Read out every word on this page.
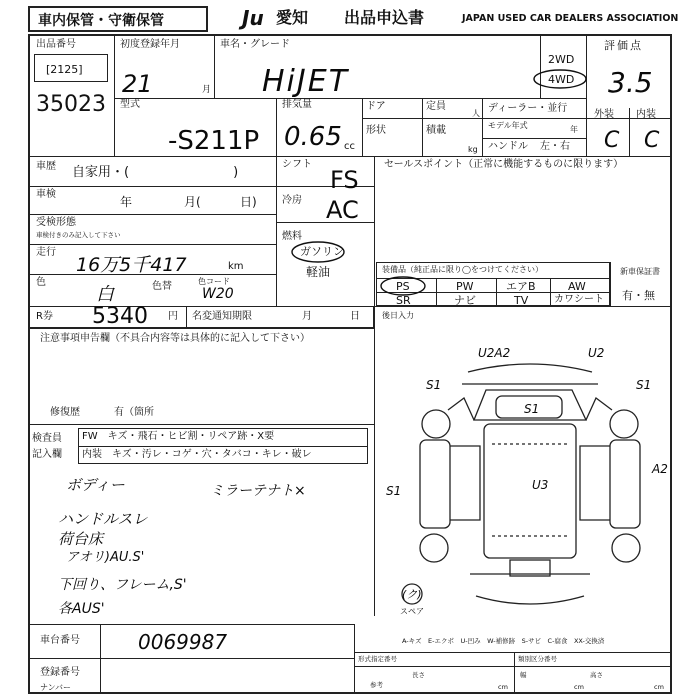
車内保管・守衛保管	Ju 愛知 出品申込書	JAPAN USED CAR DEALERS ASSOCIATION
出品番号
[2125]
35023
初度登録年月
21	月
車名・グレード
HiJET
2WD
4WD
評価点
3.5
型式
-S211P
排気量
0.65 cc
ドア	定員
人
形状	積載
kg
ディーラー・並行
モデル年式	年
ハンドル 左・右
外装 内装
C C
車歴 自家用・(　　　　　　　　)
車検
年	月(	日)
受検形態
車検付きのみ記入して下さい
走行
16万5千417	km
色
白	色替	色コード
W20
シフト
FS
冷房 AC
燃料
ガソリン
軽油
セールスポイント（正常に機能するものに限ります）
装備品（純正品に限り◯をつけてください）
PS	PW	エアB	AW
SR	ナビ	TV	カワシート
新車保証書
有・無
R券 5340 円 名変通知期限	月	日	後日入力
注意事項申告欄（不具合内容等は具体的に記入して下さい）
修復歴	有（箇所
検査員
記入欄
FW　キズ・飛石・ヒビ割・リペア跡・X要
内装　キズ・汚レ・コゲ・穴・タバコ・キレ・破レ
ボディー	ミラーテナト×
ハンドルスレ
荷台床
アオリ)AU.S'
下回り、フレーム,S'
各AUS'
U2A2	U2
S1	S1
S1
S1	U3
A2
(ク)
スペア
A-キズ　E-エクボ　U-凹み　W-補修跡　S-サビ　C-腐食　XX-交換済
車台番号	0069987
登録番号
ナンバー
形式指定番号	類別区分番号
参考
長さ
cm
幅
cm
高さ
cm
